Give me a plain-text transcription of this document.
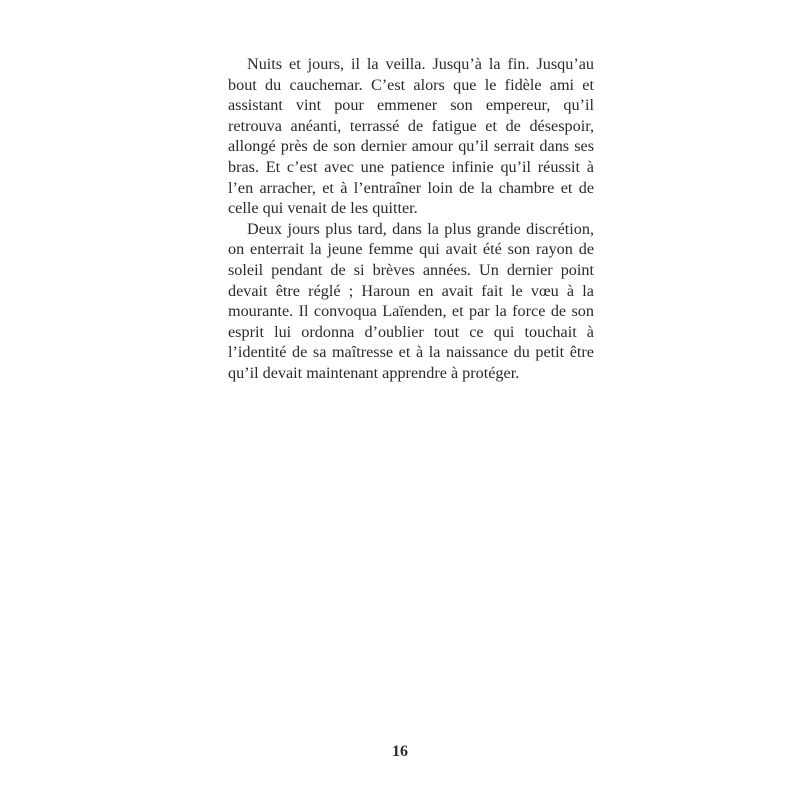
Nuits et jours, il la veilla. Jusqu’à la fin. Jusqu’au bout du cauchemar. C’est alors que le fidèle ami et assistant vint pour emmener son empereur, qu’il retrouva anéanti, terrassé de fatigue et de désespoir, allongé près de son dernier amour qu’il serrait dans ses bras. Et c’est avec une patience infinie qu’il réussit à l’en arracher, et à l’entraîner loin de la chambre et de celle qui venait de les quitter.

Deux jours plus tard, dans la plus grande discrétion, on enterrait la jeune femme qui avait été son rayon de soleil pendant de si brèves années. Un dernier point devait être réglé ; Haroun en avait fait le vœu à la mourante. Il convoqua Laïenden, et par la force de son esprit lui ordonna d’oublier tout ce qui touchait à l’identité de sa maîtresse et à la naissance du petit être qu’il devait maintenant apprendre à protéger.

16
